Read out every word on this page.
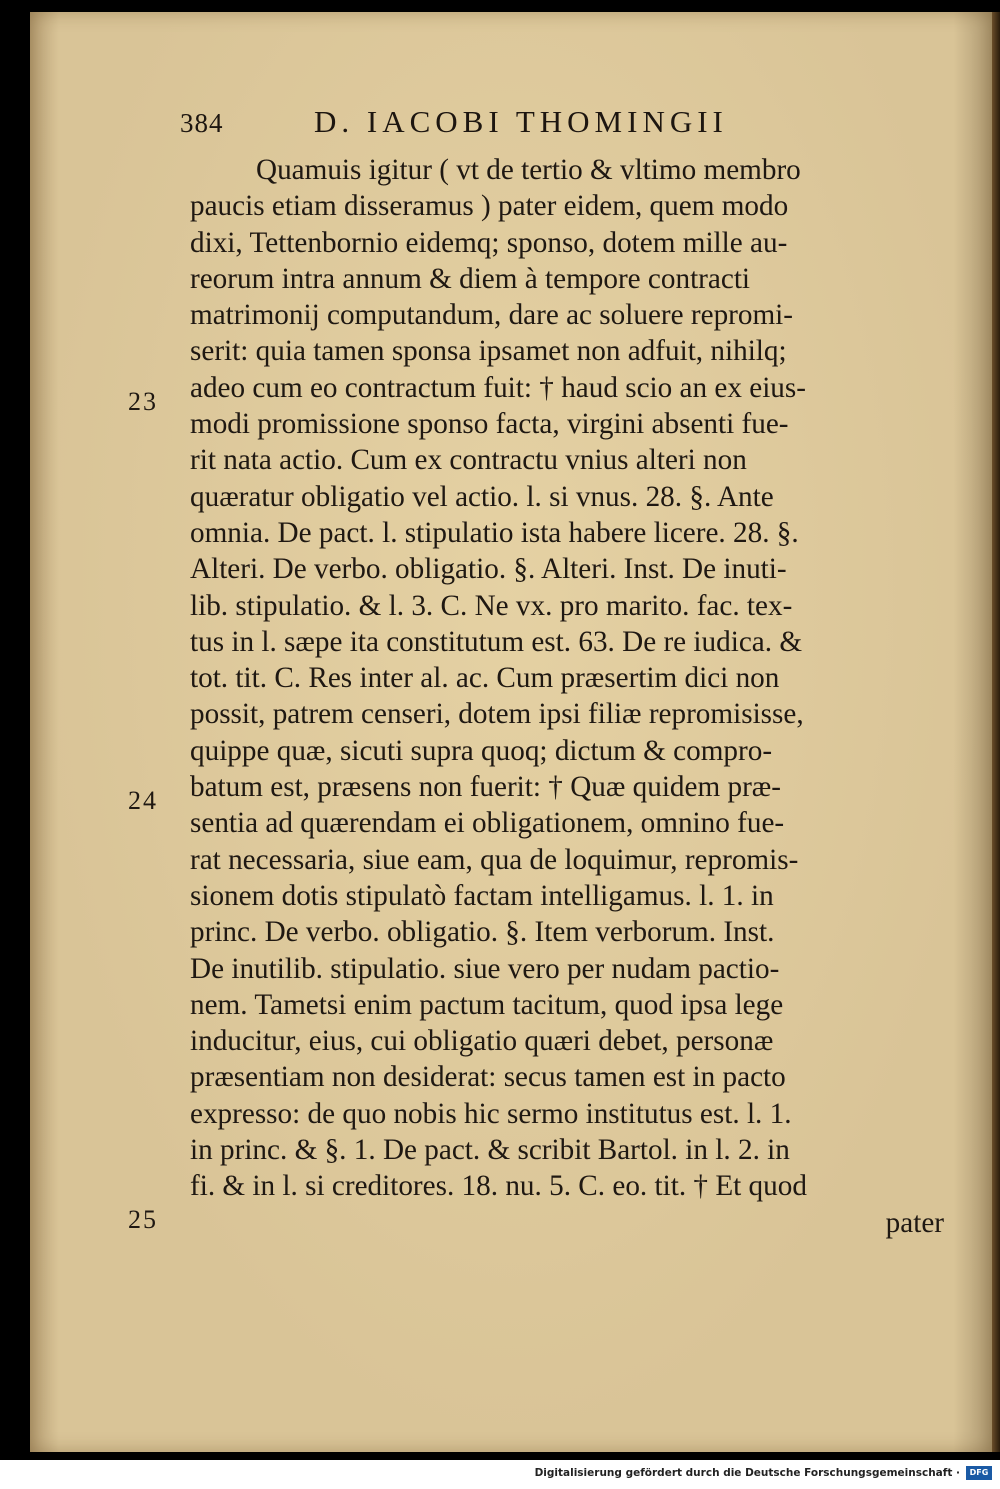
384	D. IACOBI THOMINGII
Quamuis igitur ( vt de tertio & vltimo membro
paucis etiam disseramus ) pater eidem, quem modo
dixi, Tettenbornio eidemq; sponso, dotem mille au-
reorum intra annum & diem à tempore contracti
matrimonij computandum, dare ac soluere repromi-
serit: quia tamen sponsa ipsamet non adfuit, nihilq;
adeo cum eo contractum fuit: † haud scio an ex eius-
modi promissione sponso facta, virgini absenti fue-
rit nata actio. Cum ex contractu vnius alteri non
quæratur obligatio vel actio. l. si vnus. 28. §. Ante
omnia. De pact. l. stipulatio ista habere licere. 28. §.
Alteri. De verbo. obligatio. §. Alteri. Inst. De inuti-
lib. stipulatio. & l. 3. C. Ne vx. pro marito. fac. tex-
tus in l. sæpe ita constitutum est. 63. De re iudica. &
tot. tit. C. Res inter al. ac. Cum præsertim dici non
possit, patrem censeri, dotem ipsi filiæ repromisisse,
quippe quæ, sicuti supra quoq; dictum & compro-
batum est, præsens non fuerit: † Quæ quidem præ-
sentia ad quærendam ei obligationem, omnino fue-
rat necessaria, siue eam, qua de loquimur, repromis-
sionem dotis stipulatò factam intelligamus. l. 1. in
princ. De verbo. obligatio. §. Item verborum. Inst.
De inutilib. stipulatio. siue vero per nudam pactio-
nem. Tametsi enim pactum tacitum, quod ipsa lege
inducitur, eius, cui obligatio quæri debet, personæ
præsentiam non desiderat: secus tamen est in pacto
expresso: de quo nobis hic sermo institutus est. l. 1.
in princ. & §. 1. De pact. & scribit Bartol. in l. 2. in
fi. & in l. si creditores. 18. nu. 5. C. eo. tit. † Et quod
pater
23
24
25
Digitalisierung gefördert durch die Deutsche Forschungsgemeinschaft ·	DFG
